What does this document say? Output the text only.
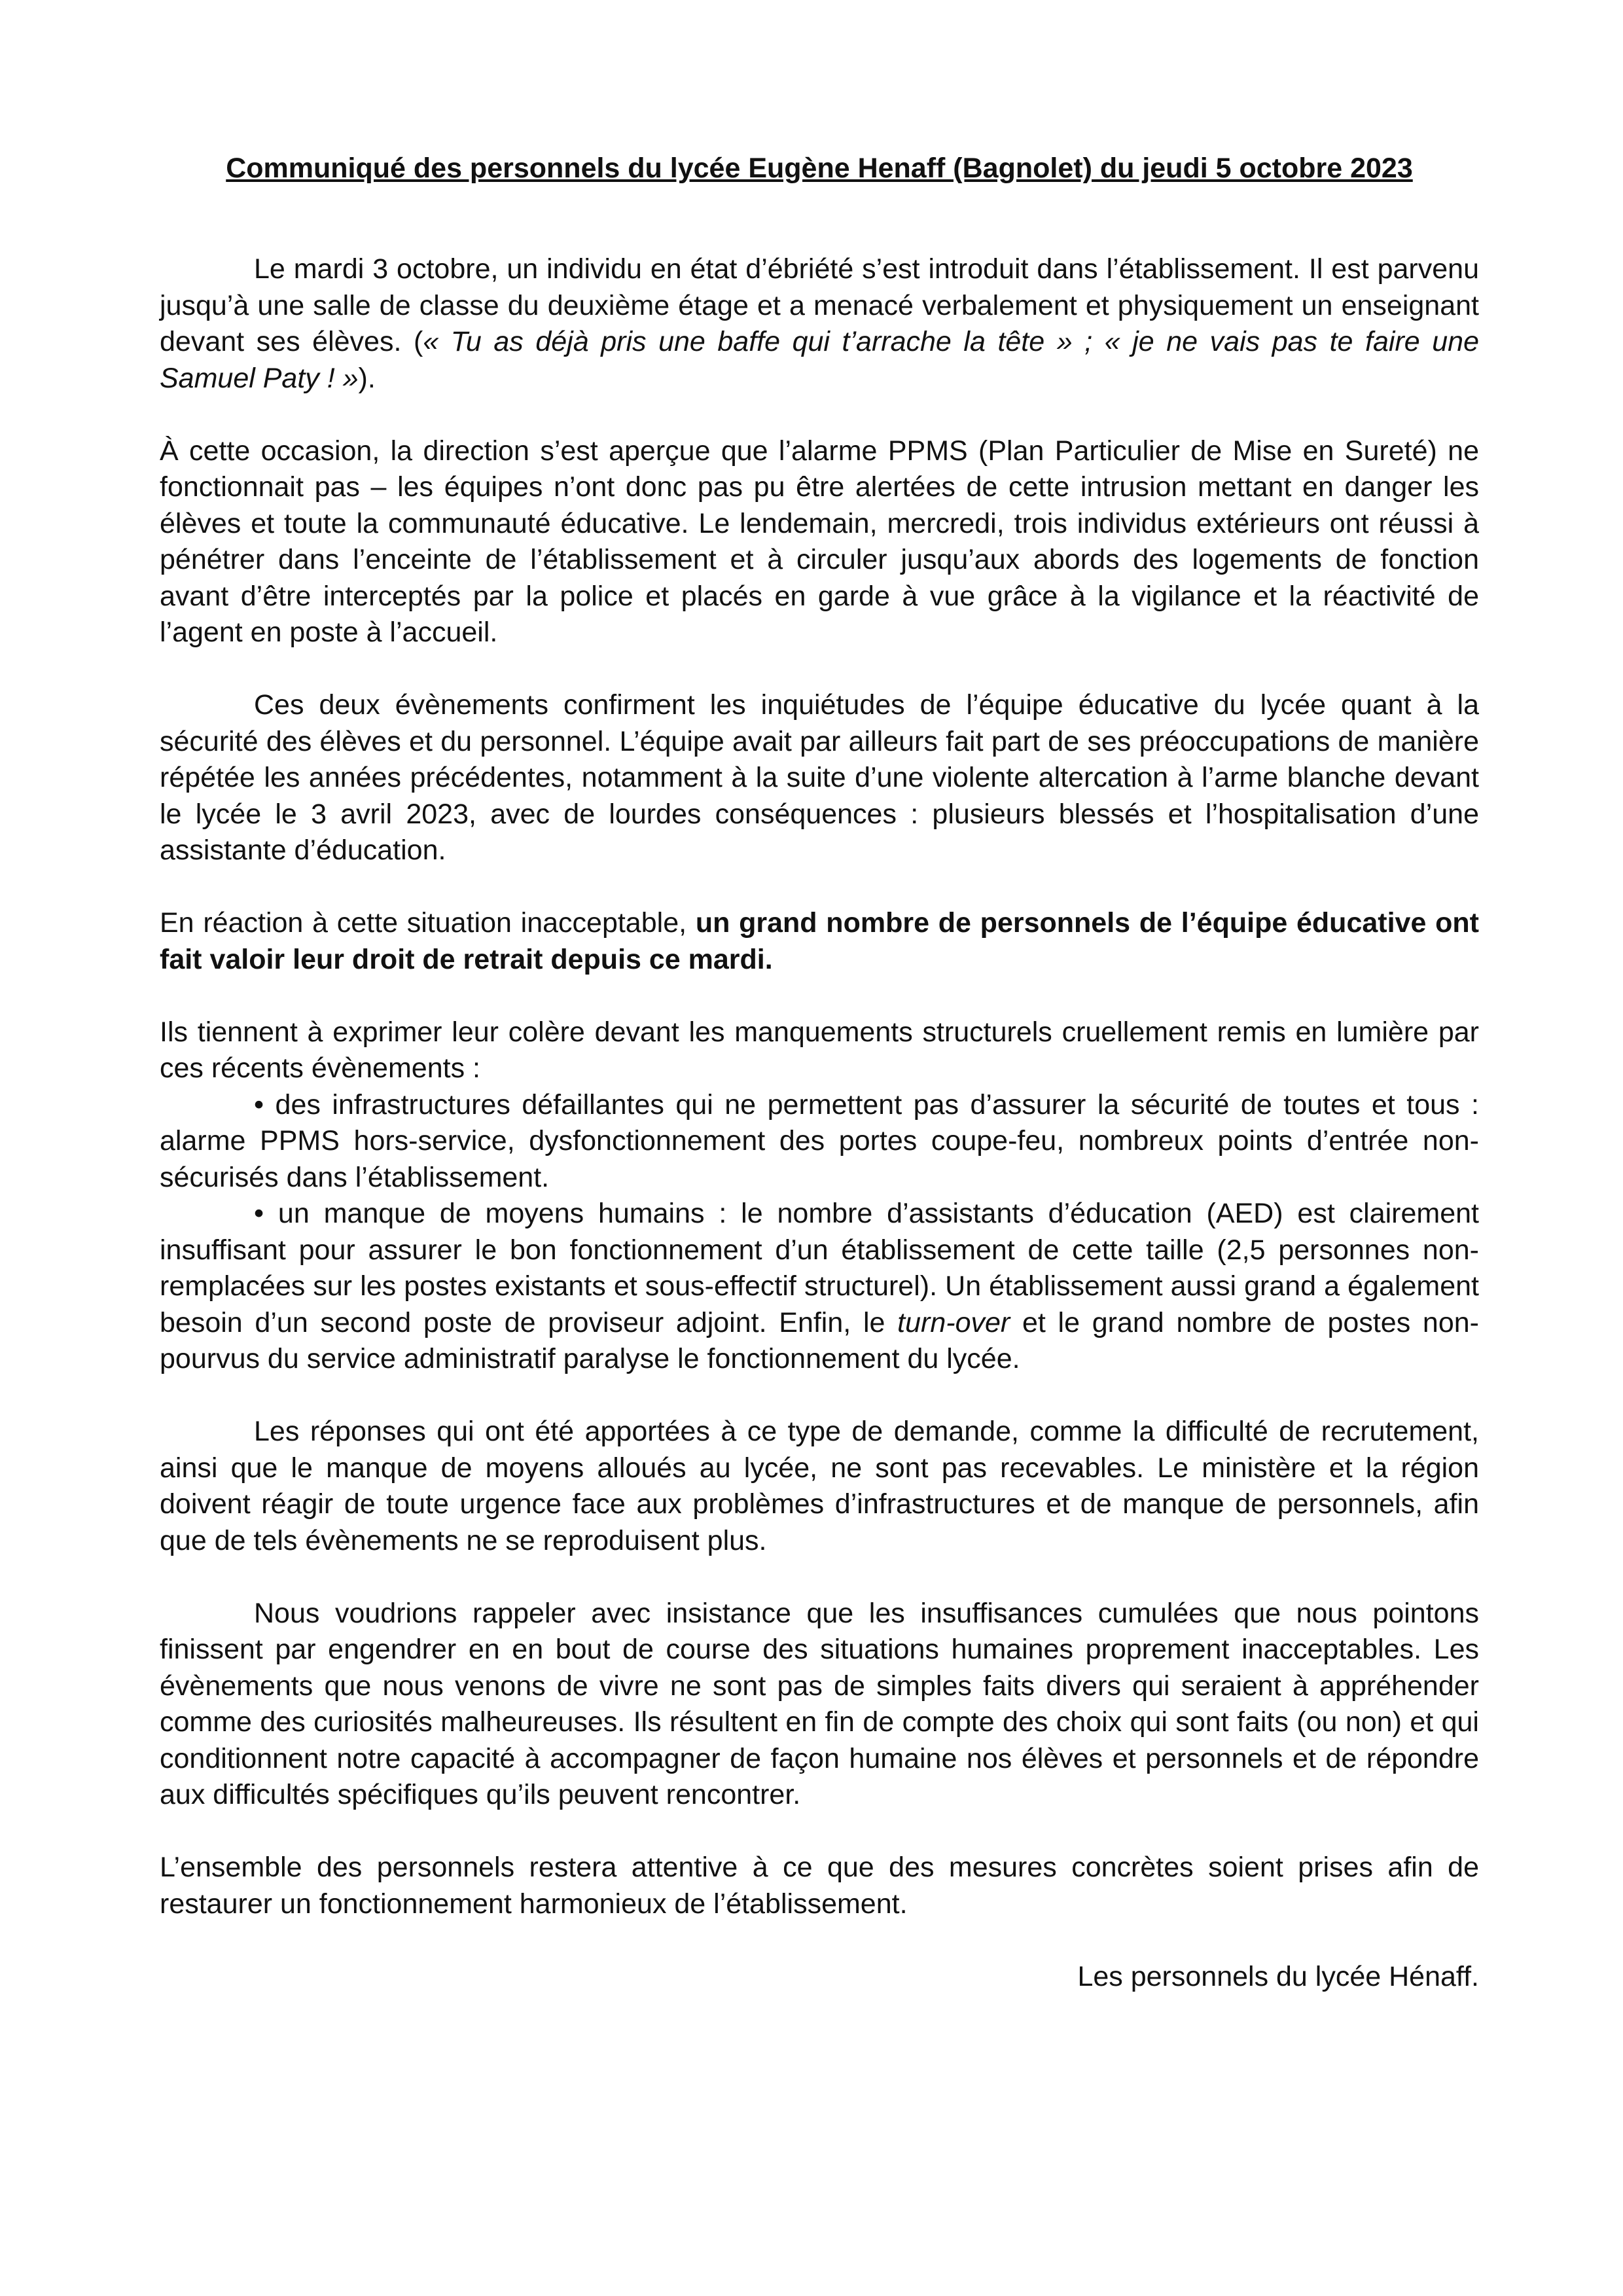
Communiqué des personnels du lycée Eugène Henaff (Bagnolet) du jeudi 5 octobre 2023

Le mardi 3 octobre, un individu en état d’ébriété s’est introduit dans l’établissement. Il est parvenu jusqu’à une salle de classe du deuxième étage et a menacé verbalement et physiquement un enseignant devant ses élèves. (« Tu as déjà pris une baffe qui t’arrache la tête » ; « je ne vais pas te faire une Samuel Paty ! »).

À cette occasion, la direction s’est aperçue que l’alarme PPMS (Plan Particulier de Mise en Sureté) ne fonctionnait pas – les équipes n’ont donc pas pu être alertées de cette intrusion mettant en danger les élèves et toute la communauté éducative. Le lendemain, mercredi, trois individus extérieurs ont réussi à pénétrer dans l’enceinte de l’établissement et à circuler jusqu’aux abords des logements de fonction avant d’être interceptés par la police et placés en garde à vue grâce à la vigilance et la réactivité de l’agent en poste à l’accueil.

Ces deux évènements confirment les inquiétudes de l’équipe éducative du lycée quant à la sécurité des élèves et du personnel. L’équipe avait par ailleurs fait part de ses préoccupations de manière répétée les années précédentes, notamment à la suite d’une violente altercation à l’arme blanche devant le lycée le 3 avril 2023, avec de lourdes conséquences : plusieurs blessés et l’hospitalisation d’une assistante d’éducation.

En réaction à cette situation inacceptable, un grand nombre de personnels de l’équipe éducative ont fait valoir leur droit de retrait depuis ce mardi.

Ils tiennent à exprimer leur colère devant les manquements structurels cruellement remis en lumière par ces récents évènements :

• des infrastructures défaillantes qui ne permettent pas d’assurer la sécurité de toutes et tous : alarme PPMS hors-service, dysfonctionnement des portes coupe-feu, nombreux points d’entrée non-sécurisés dans l’établissement.

• un manque de moyens humains : le nombre d’assistants d’éducation (AED) est clairement insuffisant pour assurer le bon fonctionnement d’un établissement de cette taille (2,5 personnes non-remplacées sur les postes existants et sous-effectif structurel). Un établissement aussi grand a également besoin d’un second poste de proviseur adjoint. Enfin, le turn-over et le grand nombre de postes non-pourvus du service administratif paralyse le fonctionnement du lycée.

Les réponses qui ont été apportées à ce type de demande, comme la difficulté de recrutement, ainsi que le manque de moyens alloués au lycée, ne sont pas recevables. Le ministère et la région doivent réagir de toute urgence face aux problèmes d’infrastructures et de manque de personnels, afin que de tels évènements ne se reproduisent plus.

Nous voudrions rappeler avec insistance que les insuffisances cumulées que nous pointons finissent par engendrer en en bout de course des situations humaines proprement inacceptables. Les évènements que nous venons de vivre ne sont pas de simples faits divers qui seraient à appréhender comme des curiosités malheureuses. Ils résultent en fin de compte des choix qui sont faits (ou non) et qui conditionnent notre capacité à accompagner de façon humaine nos élèves et personnels et de répondre aux difficultés spécifiques qu’ils peuvent rencontrer.

L’ensemble des personnels restera attentive à ce que des mesures concrètes soient prises afin de restaurer un fonctionnement harmonieux de l’établissement.

Les personnels du lycée Hénaff.
